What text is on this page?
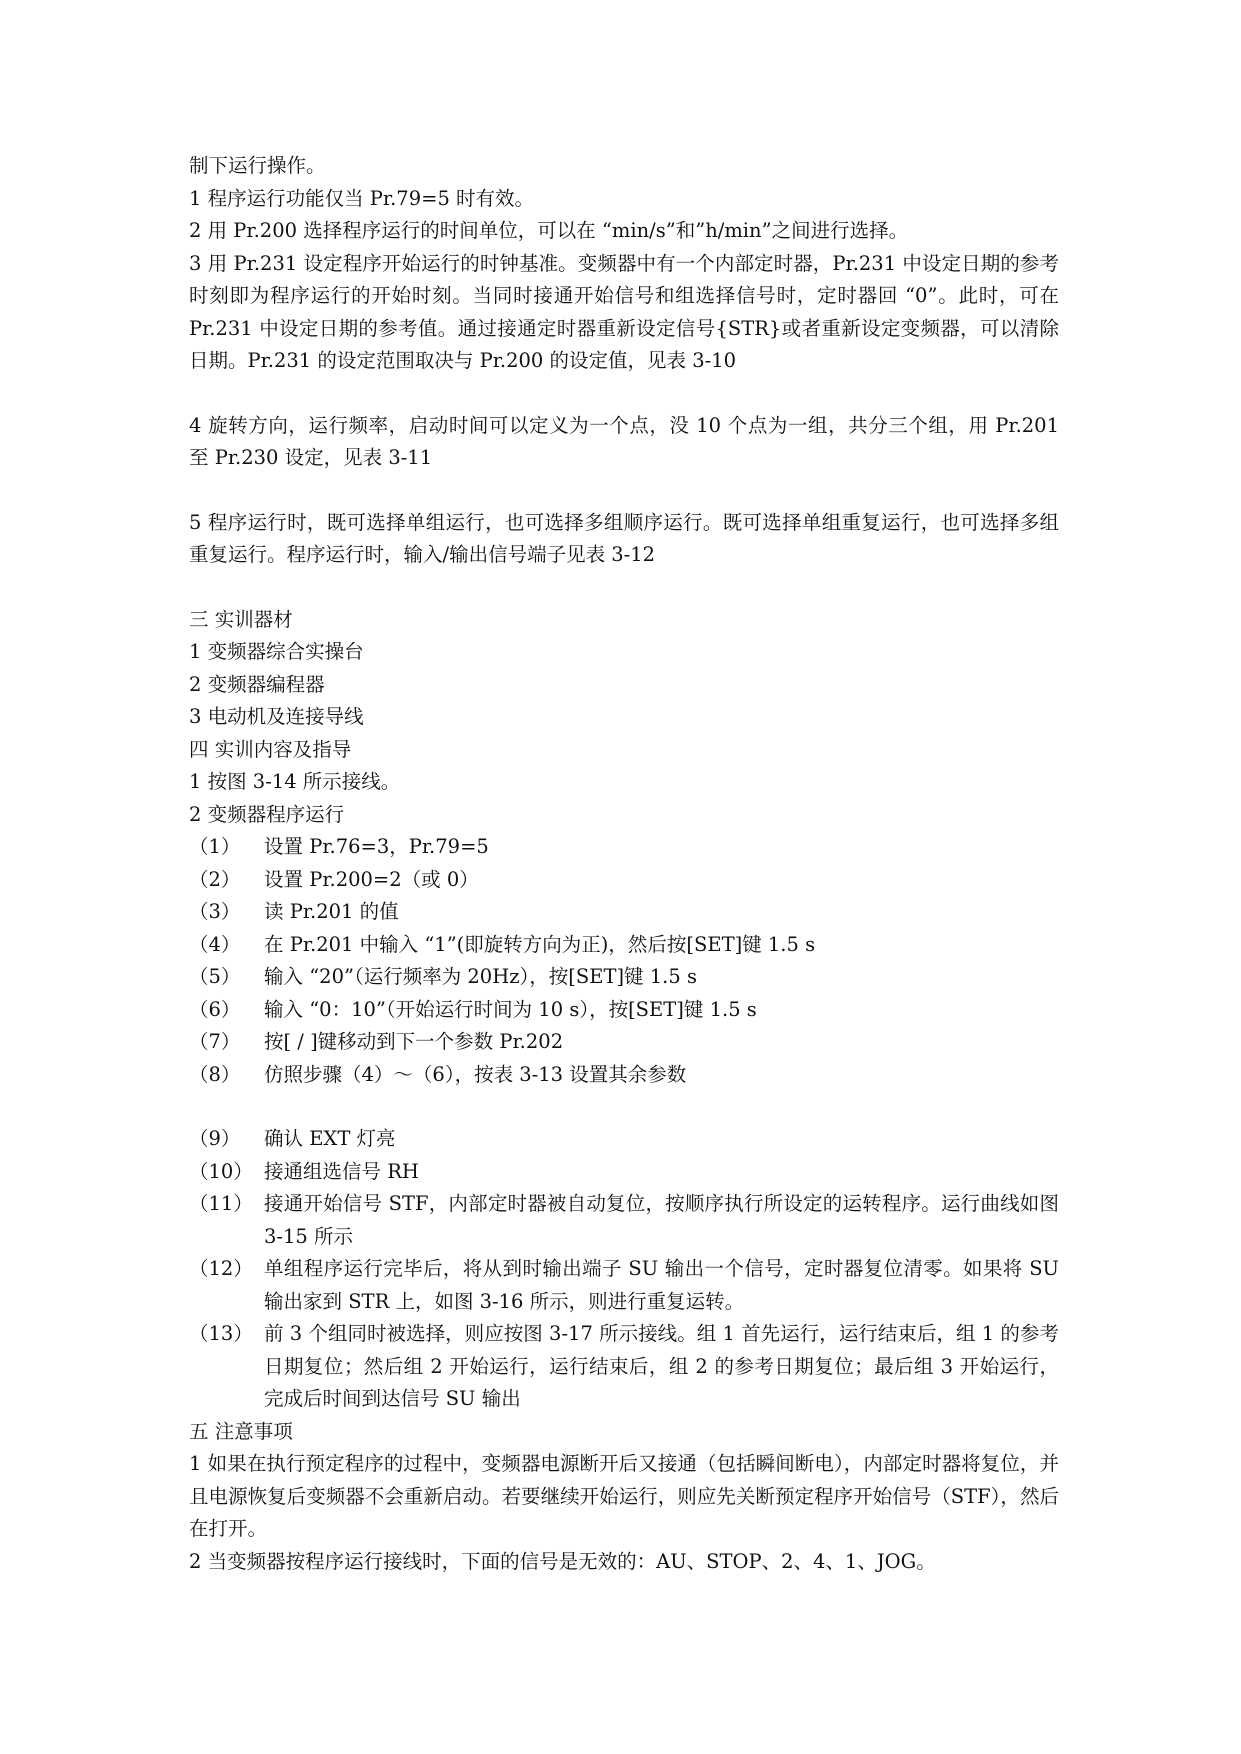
制下运行操作。
1 程序运行功能仅当 Pr.79=5 时有效。
2 用 Pr.200 选择程序运行的时间单位，可以在 “min/s”和”h/min”之间进行选择。
3 用 Pr.231 设定程序开始运行的时钟基准。变频器中有一个内部定时器，Pr.231 中设定日期的参考时刻即为程序运行的开始时刻。当同时接通开始信号和组选择信号时，定时器回 “0”。此时，可在 Pr.231 中设定日期的参考值。通过接通定时器重新设定信号{STR}或者重新设定变频器，可以清除日期。Pr.231 的设定范围取决与 Pr.200 的设定值，见表 3-10
4 旋转方向，运行频率，启动时间可以定义为一个点，没 10 个点为一组，共分三个组，用 Pr.201 至 Pr.230 设定，见表 3-11
5 程序运行时，既可选择单组运行，也可选择多组顺序运行。既可选择单组重复运行，也可选择多组重复运行。程序运行时，输入/输出信号端子见表 3-12
三 实训器材
1 变频器综合实操台
2 变频器编程器
3 电动机及连接导线
四 实训内容及指导
1 按图 3-14 所示接线。
2 变频器程序运行
（1）	设置 Pr.76=3，Pr.79=5
（2）	设置 Pr.200=2（或 0）
（3）	读 Pr.201 的值
（4）	在 Pr.201 中输入 “1”(即旋转方向为正)，然后按[SET]键 1.5 s
（5）	输入 “20”（运行频率为 20Hz），按[SET]键 1.5 s
（6）	输入 “0：10”（开始运行时间为 10 s），按[SET]键 1.5 s
（7）	按[ / ]键移动到下一个参数 Pr.202
（8）	仿照步骤（4）～（6），按表 3-13 设置其余参数
（9）	确认 EXT 灯亮
（10） 接通组选信号 RH
（11） 接通开始信号 STF，内部定时器被自动复位，按顺序执行所设定的运转程序。运行曲线如图 3-15 所示
（12） 单组程序运行完毕后，将从到时输出端子 SU 输出一个信号，定时器复位清零。如果将 SU 输出家到 STR 上，如图 3-16 所示，则进行重复运转。
（13） 前 3 个组同时被选择，则应按图 3-17 所示接线。组 1 首先运行，运行结束后，组 1 的参考日期复位；然后组 2 开始运行，运行结束后，组 2 的参考日期复位；最后组 3 开始运行，完成后时间到达信号 SU 输出
五 注意事项
1 如果在执行预定程序的过程中，变频器电源断开后又接通（包括瞬间断电），内部定时器将复位，并且电源恢复后变频器不会重新启动。若要继续开始运行，则应先关断预定程序开始信号（STF），然后在打开。
2 当变频器按程序运行接线时，下面的信号是无效的：AU、STOP、2、4、1、JOG。
